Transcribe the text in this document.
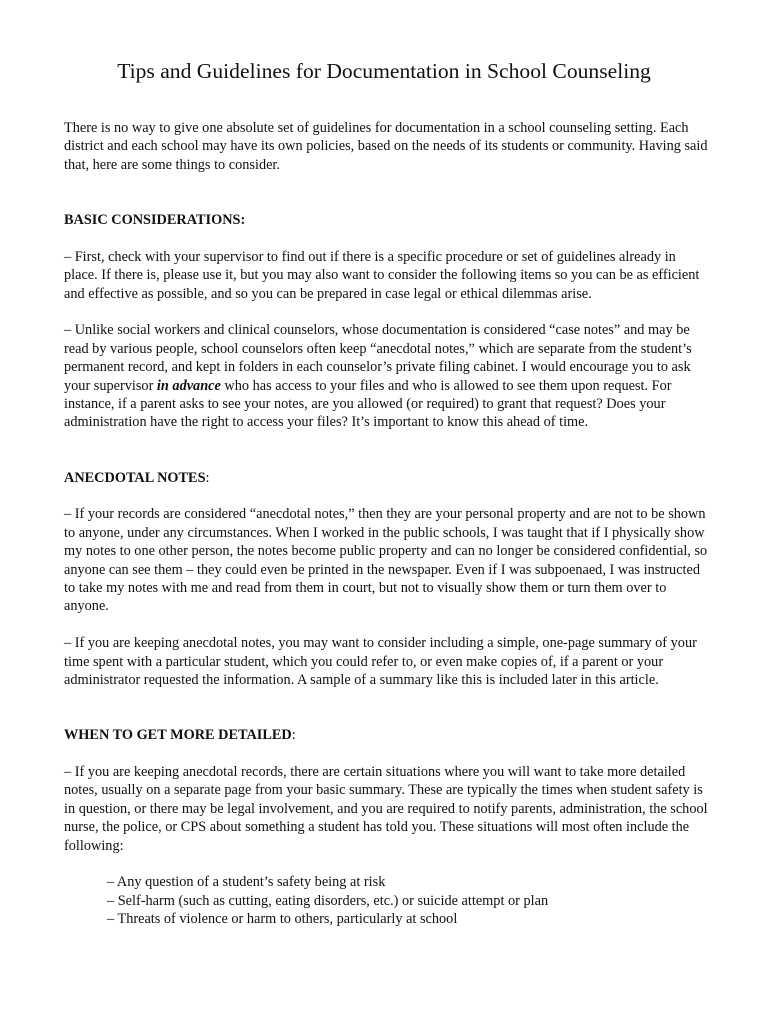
Tips and Guidelines for Documentation in School Counseling

There is no way to give one absolute set of guidelines for documentation in a school counseling setting. Each district and each school may have its own policies, based on the needs of its students or community. Having said that, here are some things to consider.

BASIC CONSIDERATIONS:

– First, check with your supervisor to find out if there is a specific procedure or set of guidelines already in place. If there is, please use it, but you may also want to consider the following items so you can be as efficient and effective as possible, and so you can be prepared in case legal or ethical dilemmas arise.

– Unlike social workers and clinical counselors, whose documentation is considered “case notes” and may be read by various people, school counselors often keep “anecdotal notes,” which are separate from the student’s permanent record, and kept in folders in each counselor’s private filing cabinet. I would encourage you to ask your supervisor in advance who has access to your files and who is allowed to see them upon request. For instance, if a parent asks to see your notes, are you allowed (or required) to grant that request? Does your administration have the right to access your files? It’s important to know this ahead of time.

ANECDOTAL NOTES:

– If your records are considered “anecdotal notes,” then they are your personal property and are not to be shown to anyone, under any circumstances. When I worked in the public schools, I was taught that if I physically show my notes to one other person, the notes become public property and can no longer be considered confidential, so anyone can see them – they could even be printed in the newspaper. Even if I was subpoenaed, I was instructed to take my notes with me and read from them in court, but not to visually show them or turn them over to anyone.

– If you are keeping anecdotal notes, you may want to consider including a simple, one-page summary of your time spent with a particular student, which you could refer to, or even make copies of, if a parent or your administrator requested the information. A sample of a summary like this is included later in this article.

WHEN TO GET MORE DETAILED:

– If you are keeping anecdotal records, there are certain situations where you will want to take more detailed notes, usually on a separate page from your basic summary. These are typically the times when student safety is in question, or there may be legal involvement, and you are required to notify parents, administration, the school nurse, the police, or CPS about something a student has told you. These situations will most often include the following:

– Any question of a student’s safety being at risk
– Self-harm (such as cutting, eating disorders, etc.) or suicide attempt or plan
– Threats of violence or harm to others, particularly at school
